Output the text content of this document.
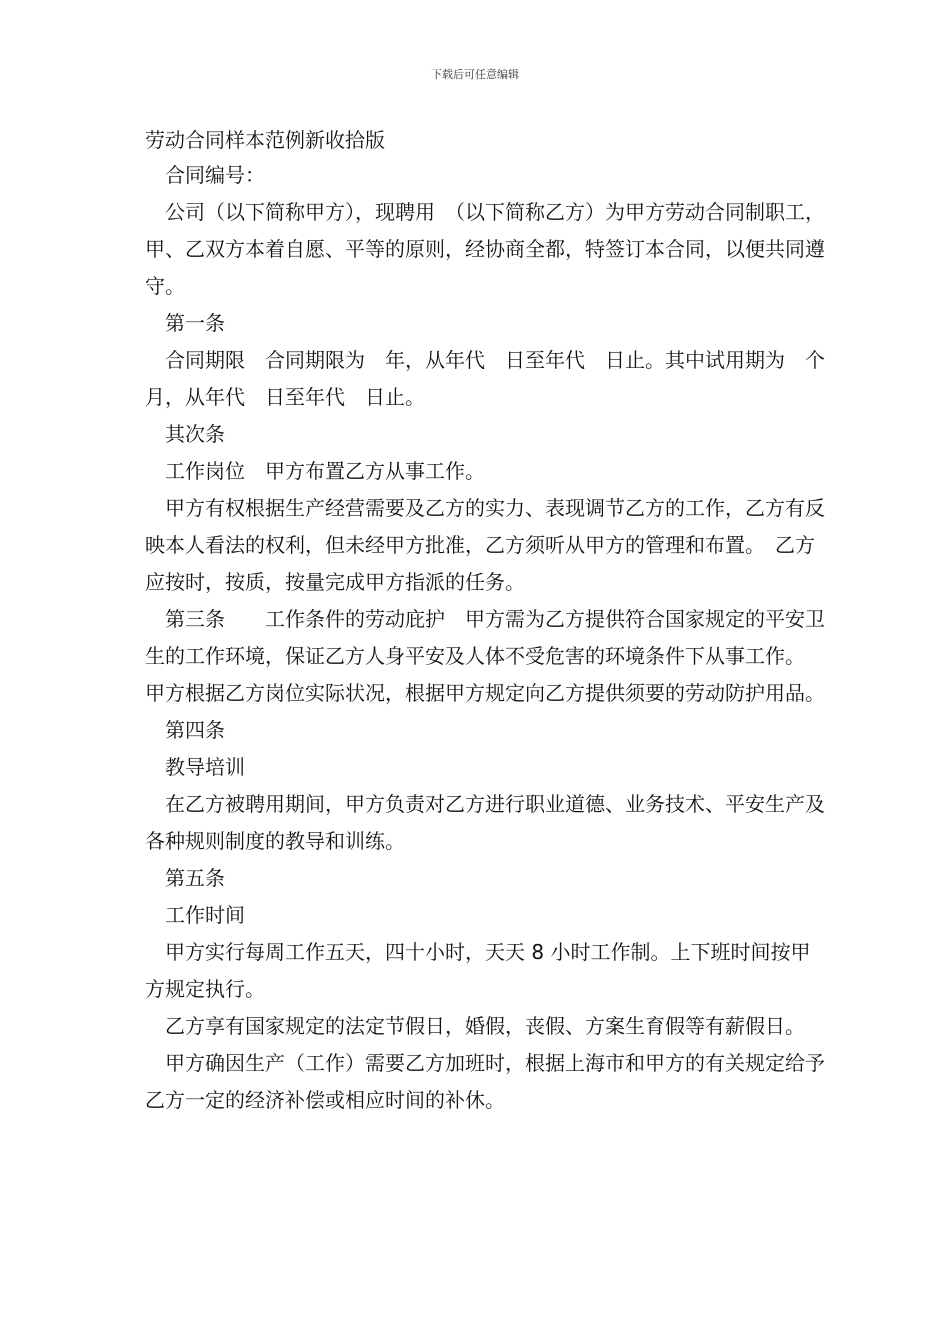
下载后可任意编辑

劳动合同样本范例新收拾版

合同编号：

公司（以下简称甲方），现聘用　（以下简称乙方）为甲方劳动合同制职工，甲、乙双方本着自愿、平等的原则，经协商全都，特签订本合同，以便共同遵守。

第一条

合同期限　合同期限为　年，从年代　日至年代　日止。其中试用期为　个月，从年代　日至年代　日止。

其次条

工作岗位　甲方布置乙方从事工作。

甲方有权根据生产经营需要及乙方的实力、表现调节乙方的工作，乙方有反映本人看法的权利，但未经甲方批准，乙方须听从甲方的管理和布置。　乙方应按时，按质，按量完成甲方指派的任务。

第三条　　工作条件的劳动庇护　甲方需为乙方提供符合国家规定的平安卫生的工作环境，保证乙方人身平安及人体不受危害的环境条件下从事工作。　甲方根据乙方岗位实际状况，根据甲方规定向乙方提供须要的劳动防护用品。

第四条

教导培训

在乙方被聘用期间，甲方负责对乙方进行职业道德、业务技术、平安生产及各种规则制度的教导和训练。

第五条

工作时间

甲方实行每周工作五天，四十小时，天天 8 小时工作制。上下班时间按甲方规定执行。

乙方享有国家规定的法定节假日，婚假，丧假、方案生育假等有薪假日。

甲方确因生产（工作）需要乙方加班时，根据上海市和甲方的有关规定给予乙方一定的经济补偿或相应时间的补休。
